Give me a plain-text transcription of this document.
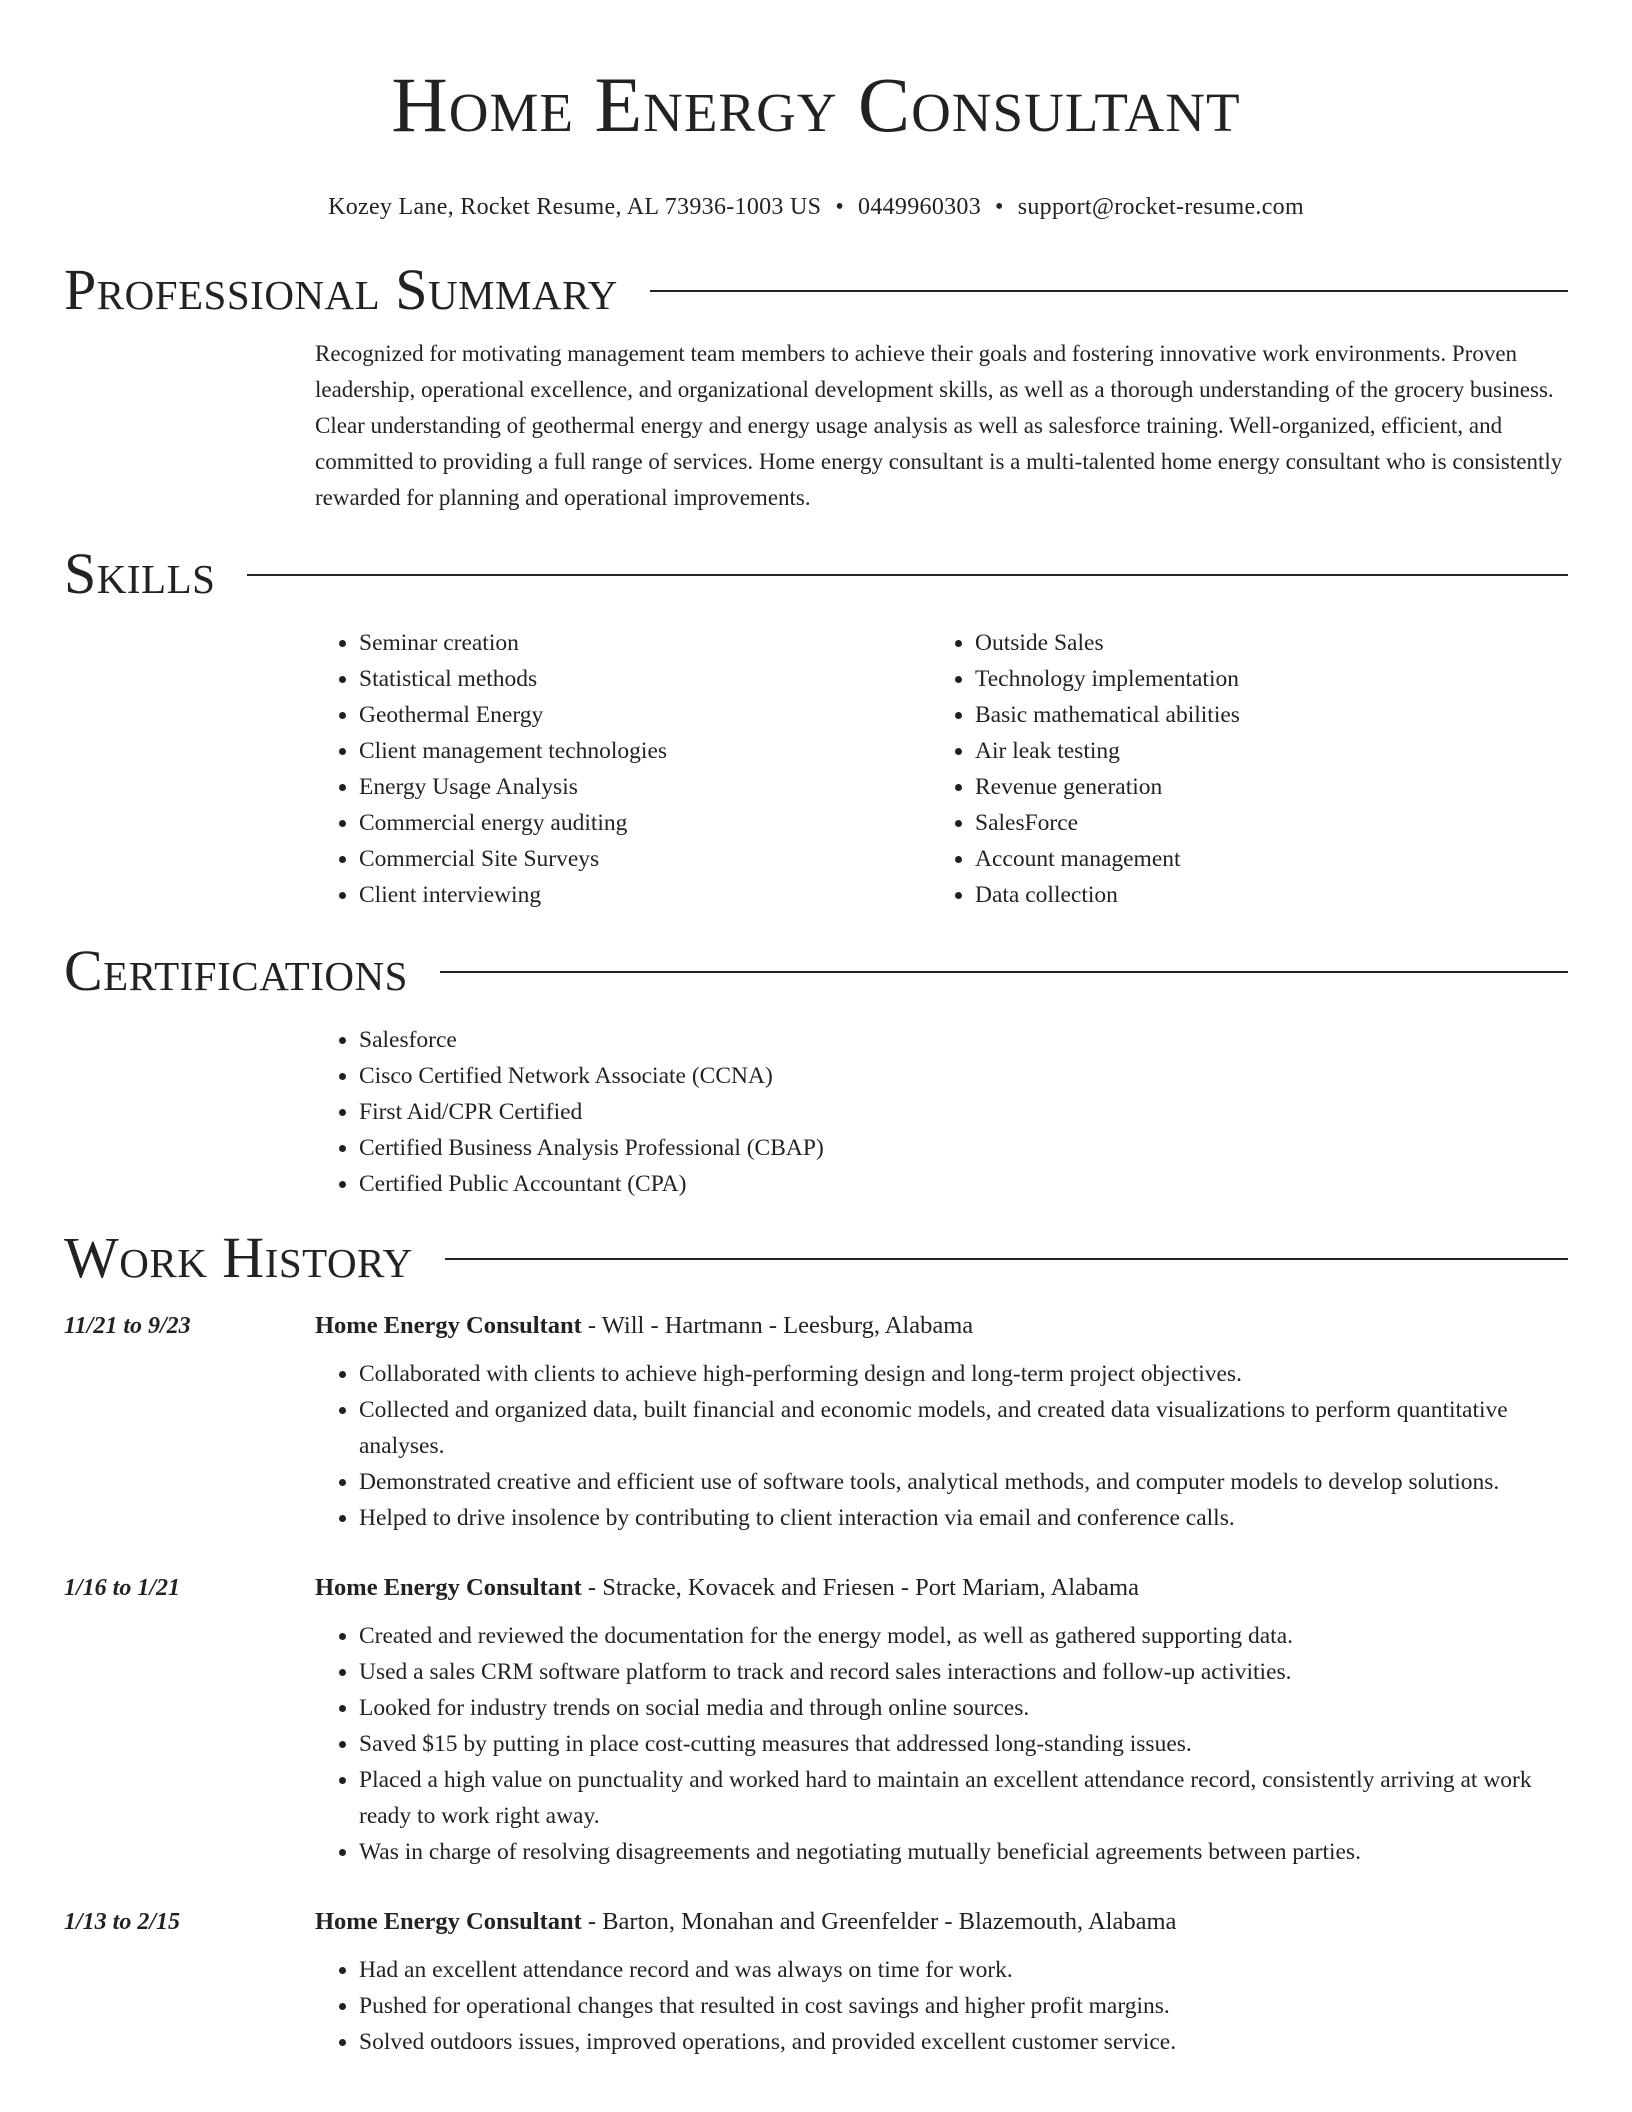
Home Energy Consultant
Kozey Lane, Rocket Resume, AL 73936-1003 US • 0449960303 • support@rocket-resume.com
Professional Summary
Recognized for motivating management team members to achieve their goals and fostering innovative work environments. Proven leadership, operational excellence, and organizational development skills, as well as a thorough understanding of the grocery business. Clear understanding of geothermal energy and energy usage analysis as well as salesforce training. Well-organized, efficient, and committed to providing a full range of services. Home energy consultant is a multi-talented home energy consultant who is consistently rewarded for planning and operational improvements.
Skills
• Seminar creation
• Statistical methods
• Geothermal Energy
• Client management technologies
• Energy Usage Analysis
• Commercial energy auditing
• Commercial Site Surveys
• Client interviewing
• Outside Sales
• Technology implementation
• Basic mathematical abilities
• Air leak testing
• Revenue generation
• SalesForce
• Account management
• Data collection
Certifications
• Salesforce
• Cisco Certified Network Associate (CCNA)
• First Aid/CPR Certified
• Certified Business Analysis Professional (CBAP)
• Certified Public Accountant (CPA)
Work History
11/21 to 9/23	Home Energy Consultant - Will - Hartmann - Leesburg, Alabama
• Collaborated with clients to achieve high-performing design and long-term project objectives.
• Collected and organized data, built financial and economic models, and created data visualizations to perform quantitative analyses.
• Demonstrated creative and efficient use of software tools, analytical methods, and computer models to develop solutions.
• Helped to drive insolence by contributing to client interaction via email and conference calls.
1/16 to 1/21	Home Energy Consultant - Stracke, Kovacek and Friesen - Port Mariam, Alabama
• Created and reviewed the documentation for the energy model, as well as gathered supporting data.
• Used a sales CRM software platform to track and record sales interactions and follow-up activities.
• Looked for industry trends on social media and through online sources.
• Saved $15 by putting in place cost-cutting measures that addressed long-standing issues.
• Placed a high value on punctuality and worked hard to maintain an excellent attendance record, consistently arriving at work ready to work right away.
• Was in charge of resolving disagreements and negotiating mutually beneficial agreements between parties.
1/13 to 2/15	Home Energy Consultant - Barton, Monahan and Greenfelder - Blazemouth, Alabama
• Had an excellent attendance record and was always on time for work.
• Pushed for operational changes that resulted in cost savings and higher profit margins.
• Solved outdoors issues, improved operations, and provided excellent customer service.
